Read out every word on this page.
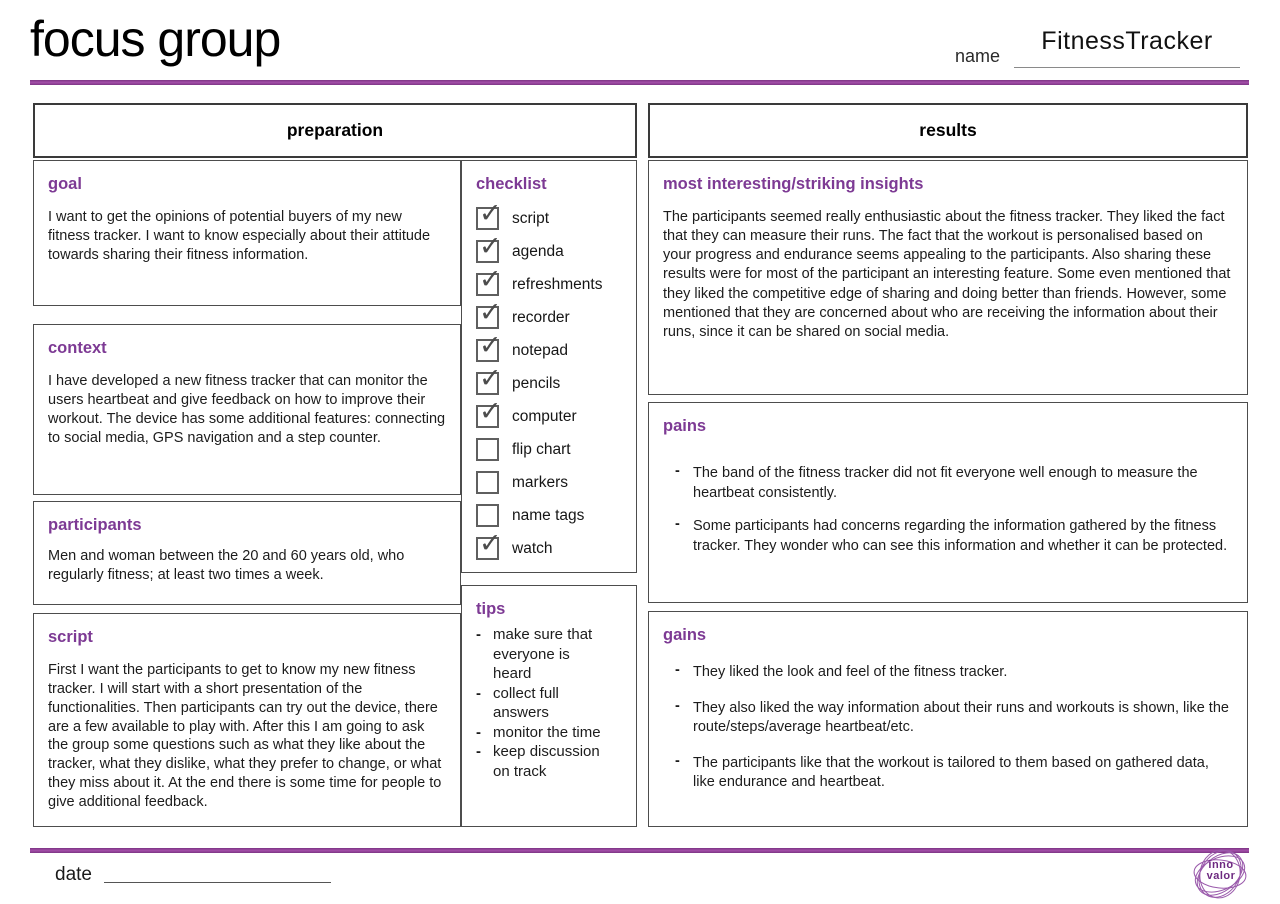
focus group	name
FitnessTracker
preparation
goal
I want to get the opinions of potential buyers of my new fitness tracker. I want to know especially about their attitude towards sharing their fitness information.
context
I have developed a new fitness tracker that can monitor the users heartbeat and give feedback on how to improve their workout. The device has some additional features: connecting to social media, GPS navigation and a step counter.
participants
Men and woman between the 20 and 60 years old, who regularly fitness; at least two times a week.
script
First I want the participants to get to know my new fitness tracker. I will start with a short presentation of the functionalities. Then participants can try out the device, there are a few available to play with. After this I am going to ask the group some questions such as what they like about the tracker, what they dislike, what they prefer to change, or what they miss about it. At the end there is some time for people to give additional feedback.
checklist
✓
script
✓
agenda
✓
refreshments
✓
recorder
✓
notepad
✓
pencils
✓
computer
flip chart
markers
name tags
✓
watch
tips
- make sure that everyone is heard
- collect full answers
- monitor the time
- keep discussion on track
results
most interesting/striking insights
The participants seemed really enthusiastic about the fitness tracker. They liked the fact that they can measure their runs. The fact that the workout is personalised based on your progress and endurance seems appealing to the participants. Also sharing these results were for most of the participant an interesting feature. Some even mentioned that they liked the competitive edge of sharing and doing better than friends. However, some mentioned that they are concerned about who are receiving the information about their runs, since it can be shared on social media.
pains
- The band of the fitness tracker did not fit everyone well enough to measure the heartbeat consistently.
- Some participants had concerns regarding the information gathered by the fitness tracker. They wonder who can see this information and whether it can be protected.
gains
- They liked the look and feel of the fitness tracker.
- They also liked the way information about their runs and workouts is shown, like the route/steps/average heartbeat/etc.
- The participants like that the workout is tailored to them based on gathered data, like endurance and heartbeat.
date	inno
valor
